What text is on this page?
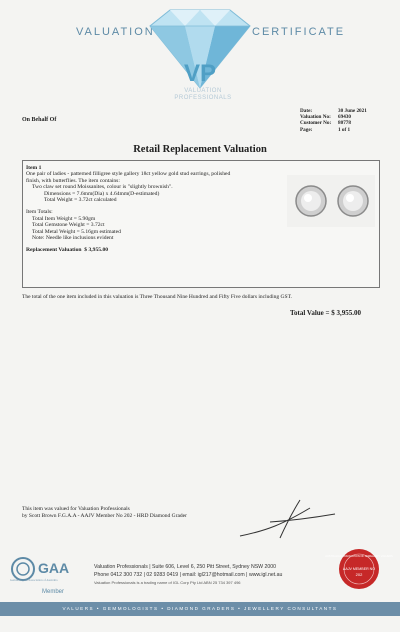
VALUATION	CERTIFICATE
VP
VALUATION PROFESSIONALS
On Behalf Of
Date:	30 June 2021
Valuation No:	69430
Customer No:	80778
Page:	1 of 1
Retail Replacement Valuation
Item 1
One pair of ladies - patterned filligree style gallery 18ct yellow gold stud earrings, polished
finish, with butterflies. The item contains:
Two claw set round Moissanites, colour is "slightly brownish".
Dimensions = 7.6mm(Dia) x 4.64mm(D-estimated)
Total Weight = 3.72ct calculated
Item Totals:
Total Item Weight = 5.90gm
Total Gemstone Weight = 3.72ct
Total Metal Weight = 5.16gm estimated
Note: Needle like inclusions evident
Replacement Valuation $ 3,955.00
The total of the one item included in this valuation is Three Thousand Nine Hundred and Fifty Five dollars including GST.
Total Value = $ 3,955.00
This item was valued for Valuation Professionals
by Scott Brown F.G.A.A - AAJV Member No 202 - HRD Diamond Grader
GAA
Gemmological Association of Australia
Member
Valuation Professionals | Suite 606, Level 6, 250 Pitt Street, Sydney NSW 2000
Phone 0412 300 732 | 02 9283 0419 | email: igl217@hotmail.com | www.igl.net.au
Valuation Professionals is a trading name of IGL Corp Pty Ltd ABN 25 734 397 496
AUSTRALIAN ASSOCIATION OF JEWELLERY VALUERS
AAJV MEMBER NO
202
VALUERS • GEMMOLOGISTS • DIAMOND GRADERS • JEWELLERY CONSULTANTS
